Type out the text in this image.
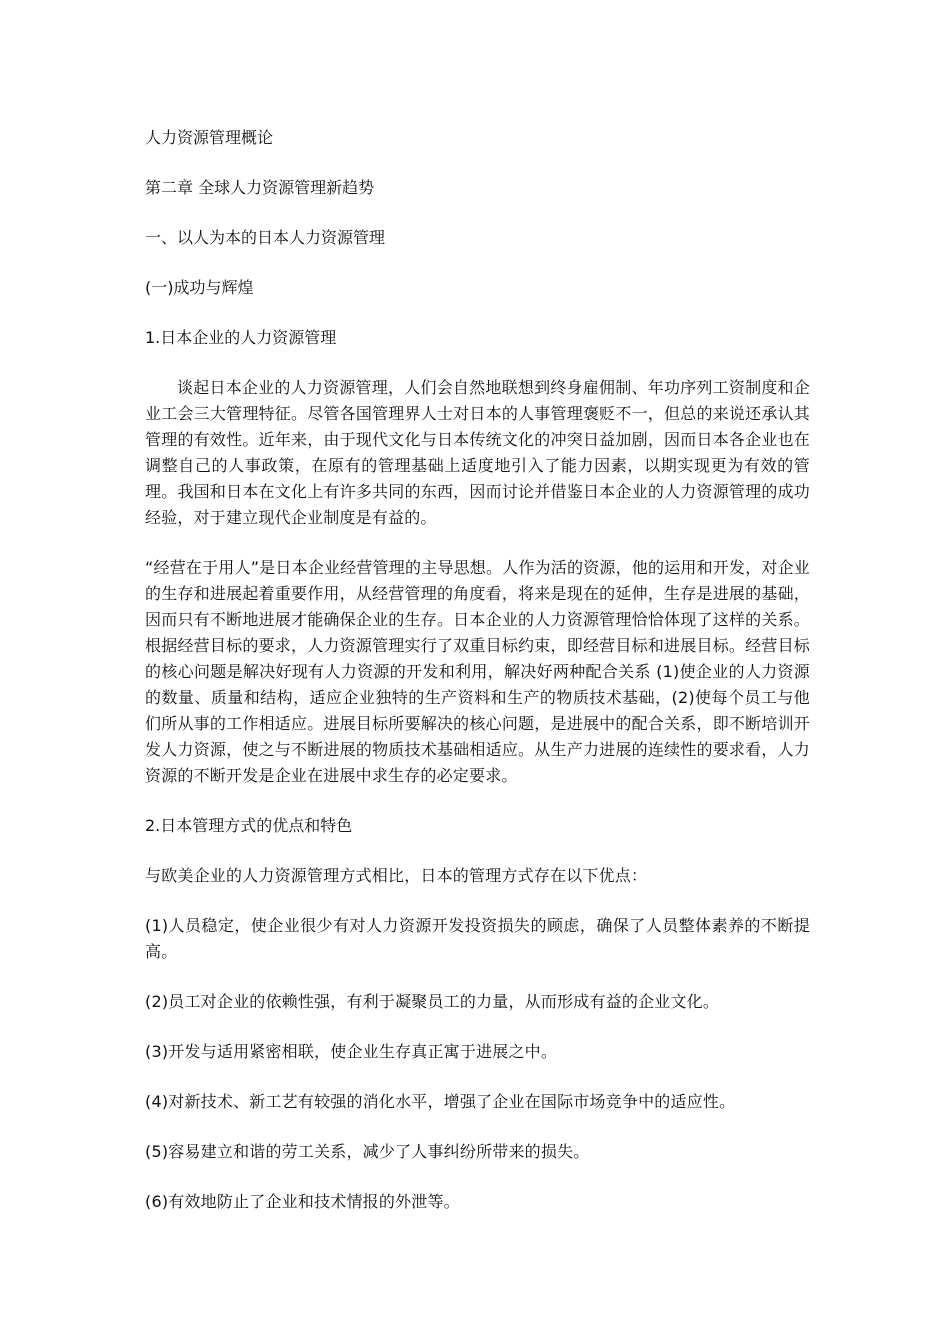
人力资源管理概论

第二章 全球人力资源管理新趋势

一、以人为本的日本人力资源管理

(一)成功与辉煌

1.日本企业的人力资源管理

谈起日本企业的人力资源管理，人们会自然地联想到终身雇佣制、年功序列工资制度和企业工会三大管理特征。尽管各国管理界人士对日本的人事管理褒贬不一，但总的来说还承认其管理的有效性。近年来，由于现代文化与日本传统文化的冲突日益加剧，因而日本各企业也在调整自己的人事政策，在原有的管理基础上适度地引入了能力因素，以期实现更为有效的管理。我国和日本在文化上有许多共同的东西，因而讨论并借鉴日本企业的人力资源管理的成功经验，对于建立现代企业制度是有益的。

“经营在于用人”是日本企业经营管理的主导思想。人作为活的资源，他的运用和开发，对企业的生存和进展起着重要作用，从经营管理的角度看，将来是现在的延伸，生存是进展的基础，因而只有不断地进展才能确保企业的生存。日本企业的人力资源管理恰恰体现了这样的关系。根据经营目标的要求，人力资源管理实行了双重目标约束，即经营目标和进展目标。经营目标的核心问题是解决好现有人力资源的开发和利用，解决好两种配合关系 (1)使企业的人力资源的数量、质量和结构，适应企业独特的生产资料和生产的物质技术基础，(2)使每个员工与他们所从事的工作相适应。进展目标所要解决的核心问题，是进展中的配合关系，即不断培训开发人力资源，使之与不断进展的物质技术基础相适应。从生产力进展的连续性的要求看，人力资源的不断开发是企业在进展中求生存的必定要求。

2.日本管理方式的优点和特色

与欧美企业的人力资源管理方式相比，日本的管理方式存在以下优点：

(1)人员稳定，使企业很少有对人力资源开发投资损失的顾虑，确保了人员整体素养的不断提高。

(2)员工对企业的依赖性强，有利于凝聚员工的力量，从而形成有益的企业文化。

(3)开发与适用紧密相联，使企业生存真正寓于进展之中。

(4)对新技术、新工艺有较强的消化水平，增强了企业在国际市场竞争中的适应性。

(5)容易建立和谐的劳工关系，减少了人事纠纷所带来的损失。

(6)有效地防止了企业和技术情报的外泄等。
